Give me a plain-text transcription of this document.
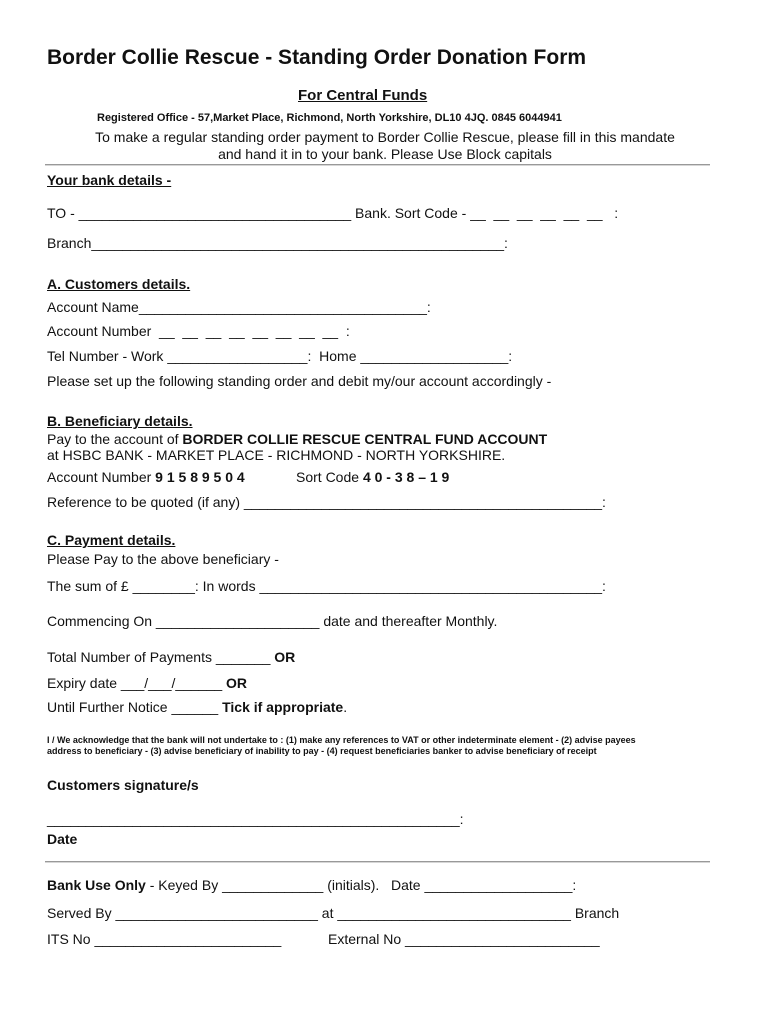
Border Collie Rescue - Standing Order Donation Form
For Central Funds
Registered Office - 57,Market Place, Richmond, North Yorkshire, DL10 4JQ. 0845 6044941
To make a regular standing order payment to Border Collie Rescue, please fill in this mandate
and hand it in to your bank. Please Use Block capitals
Your bank details -
TO - ___________________________________ Bank. Sort Code - __  __  __  __  __  __   :
Branch_____________________________________________________:
A. Customers details.
Account Name_____________________________________:
Account Number  __  __  __  __  __  __  __  __  :
Tel Number - Work __________________:  Home ___________________:
Please set up the following standing order and debit my/our account accordingly -
B. Beneficiary details.
Pay to the account of BORDER COLLIE RESCUE CENTRAL FUND ACCOUNT
at HSBC BANK - MARKET PLACE - RICHMOND - NORTH YORKSHIRE.
Account Number 9 1 5 8 9 5 0 4	Sort Code 4 0 - 3 8 – 1 9
Reference to be quoted (if any) ______________________________________________:
C. Payment details.
Please Pay to the above beneficiary -
The sum of £ ________: In words ____________________________________________:
Commencing On _____________________ date and thereafter Monthly.
Total Number of Payments _______ OR
Expiry date ___/___/______ OR
Until Further Notice ______ Tick if appropriate.
I / We acknowledge that the bank will not undertake to : (1) make any references to VAT or other indeterminate element - (2) advise payees
address to beneficiary - (3) advise beneficiary of inability to pay - (4) request beneficiaries banker to advise beneficiary of receipt
Customers signature/s
_____________________________________________________:
Date
Bank Use Only - Keyed By _____________ (initials).   Date ___________________:
Served By __________________________ at ______________________________ Branch
ITS No ________________________	External No _________________________
